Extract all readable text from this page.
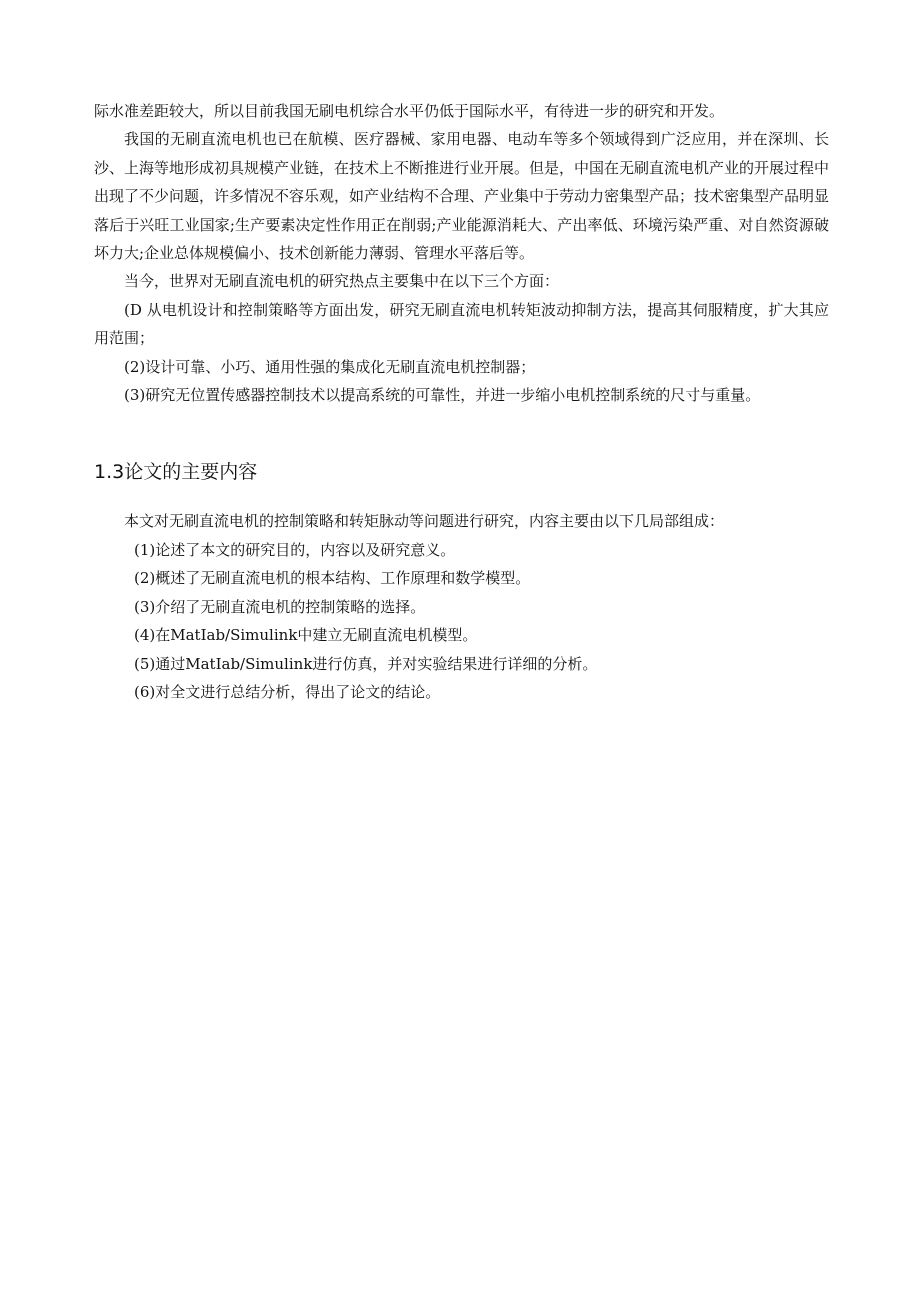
际水准差距较大，所以目前我国无刷电机综合水平仍低于国际水平，有待进一步的研究和开发。

我国的无刷直流电机也已在航模、医疗器械、家用电器、电动车等多个领域得到广泛应用，并在深圳、长沙、上海等地形成初具规模产业链，在技术上不断推进行业开展。但是，中国在无刷直流电机产业的开展过程中出现了不少问题，许多情况不容乐观，如产业结构不合理、产业集中于劳动力密集型产品；技术密集型产品明显落后于兴旺工业国家;生产要素决定性作用正在削弱;产业能源消耗大、产出率低、环境污染严重、对自然资源破坏力大;企业总体规模偏小、技术创新能力薄弱、管理水平落后等。

当今，世界对无刷直流电机的研究热点主要集中在以下三个方面：

(D 从电机设计和控制策略等方面出发，研究无刷直流电机转矩波动抑制方法，提高其伺服精度，扩大其应用范围；

(2)设计可靠、小巧、通用性强的集成化无刷直流电机控制器；

(3)研究无位置传感器控制技术以提高系统的可靠性，并进一步缩小电机控制系统的尺寸与重量。

1.3论文的主要内容

本文对无刷直流电机的控制策略和转矩脉动等问题进行研究，内容主要由以下几局部组成：

(1)论述了本文的研究目的，内容以及研究意义。
(2)概述了无刷直流电机的根本结构、工作原理和数学模型。
(3)介绍了无刷直流电机的控制策略的选择。
(4)在MatIab/Simulink中建立无刷直流电机模型。
(5)通过MatIab/Simulink进行仿真，并对实验结果进行详细的分析。
(6)对全文进行总结分析，得出了论文的结论。
